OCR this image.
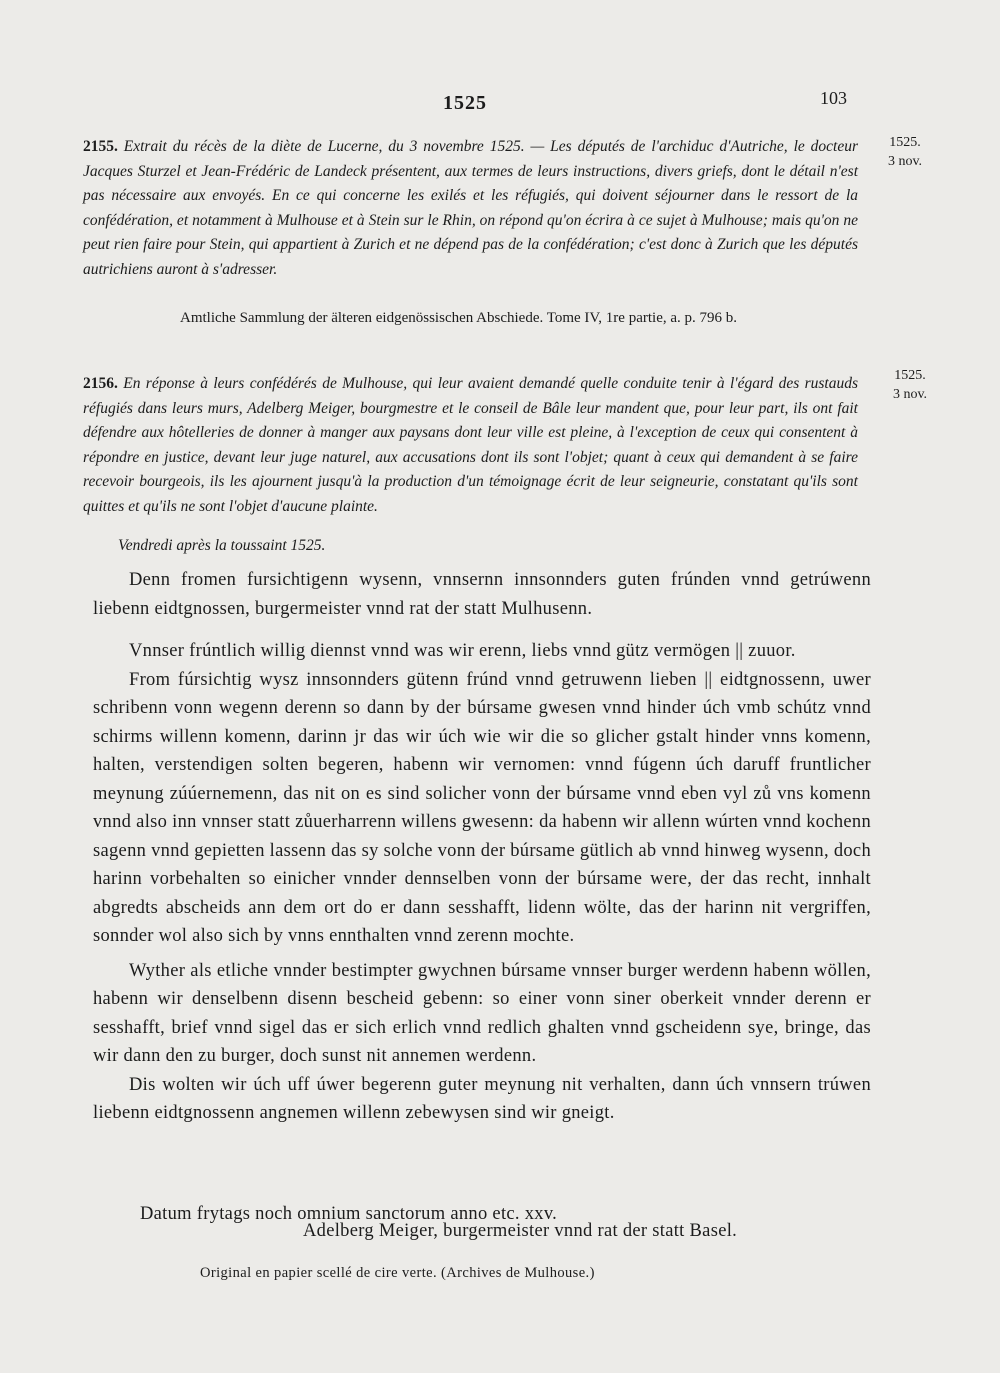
1525	103
2155. Extrait du récès de la diète de Lucerne, du 3 novembre 1525. — Les députés de l'archiduc d'Autriche, le docteur Jacques Sturzel et Jean-Frédéric de Landeck présentent, aux termes de leurs instructions, divers griefs, dont le détail n'est pas nécessaire aux envoyés. En ce qui concerne les exilés et les réfugiés, qui doivent séjourner dans le ressort de la confédération, et notamment à Mulhouse et à Stein sur le Rhin, on répond qu'on écrira à ce sujet à Mulhouse; mais qu'on ne peut rien faire pour Stein, qui appartient à Zurich et ne dépend pas de la confédération; c'est donc à Zurich que les députés autrichiens auront à s'adresser.
1525.
3 nov.
Amtliche Sammlung der älteren eidgenössischen Abschiede. Tome IV, 1re partie, a. p. 796 b.
2156. En réponse à leurs confédérés de Mulhouse, qui leur avaient demandé quelle conduite tenir à l'égard des rustauds réfugiés dans leurs murs, Adelberg Meiger, bourgmestre et le conseil de Bâle leur mandent que, pour leur part, ils ont fait défendre aux hôtelleries de donner à manger aux paysans dont leur ville est pleine, à l'exception de ceux qui consentent à répondre en justice, devant leur juge naturel, aux accusations dont ils sont l'objet; quant à ceux qui demandent à se faire recevoir bourgeois, ils les ajournent jusqu'à la production d'un témoignage écrit de leur seigneurie, constatant qu'ils sont quittes et qu'ils ne sont l'objet d'aucune plainte.
1525.
3 nov.
Vendredi après la toussaint 1525.

Denn fromen fursichtigenn wysenn, vnnsernn innsonnders guten frúnden vnnd getrúwenn liebenn eidtgnossen, burgermeister vnnd rat der statt Mulhusenn.

Vnnser frúntlich willig diennst vnnd was wir erenn, liebs vnnd gütz vermögen || zuuor.

From fúrsichtig wysz innsonnders gütenn frúnd vnnd getruwenn lieben || eidtgnossenn, uwer schribenn vonn wegenn derenn so dann by der búrsame gwesen vnnd hinder úch vmb schútz vnnd schirms willenn komenn, darinn jr das wir úch wie wir die so glicher gstalt hinder vnns komenn, halten, verstendigen solten begeren, habenn wir vernomen: vnnd fúgenn úch daruff fruntlicher meynung zúúernemenn, das nit on es sind solicher vonn der búrsame vnnd eben vyl zů vns komenn vnnd also inn vnnser statt zůuerharrenn willens gwesenn: da habenn wir allenn wúrten vnnd kochenn sagenn vnnd gepietten lassenn das sy solche vonn der búrsame gütlich ab vnnd hinweg wysenn, doch harinn vorbehalten so einicher vnnder dennselben vonn der búrsame were, der das recht, innhalt abgredts abscheids ann dem ort do er dann sesshafft, lidenn wölte, das der harinn nit vergriffen, sonnder wol also sich by vnns ennthalten vnnd zerenn mochte.

Wyther als etliche vnnder bestimpter gwychnen búrsame vnnser burger werdenn habenn wöllen, habenn wir denselbenn disenn bescheid gebenn: so einer vonn siner oberkeit vnnder derenn er sesshafft, brief vnnd sigel das er sich erlich vnnd redlich ghalten vnnd gscheidenn sye, bringe, das wir dann den zu burger, doch sunst nit annemen werdenn.

Dis wolten wir úch uff úwer begerenn guter meynung nit verhalten, dann úch vnnsern trúwen liebenn eidtgnossenn angnemen willenn zebewysen sind wir gneigt.

Datum frytags noch omnium sanctorum anno etc. xxv.
Adelberg Meiger, burgermeister vnnd rat der statt Basel.
Original en papier scellé de cire verte. (Archives de Mulhouse.)
